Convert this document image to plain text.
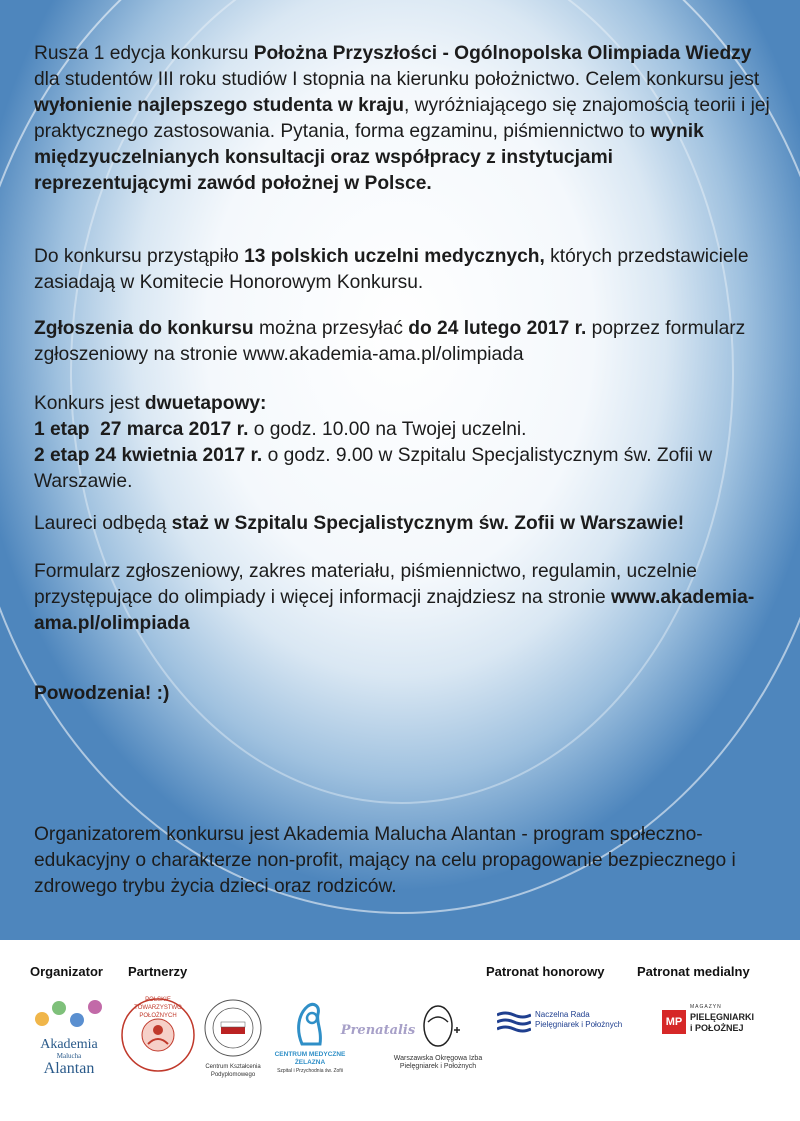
Rusza 1 edycja konkursu Położna Przyszłości - Ogólnopolska Olimpiada Wiedzy dla studentów III roku studiów I stopnia na kierunku położnictwo. Celem konkursu jest wyłonienie najlepszego studenta w kraju, wyróżniającego się znajomością teorii i jej praktycznego zastosowania. Pytania, forma egzaminu, piśmiennictwo to wynik międzyuczelnianych konsultacji oraz współpracy z instytucjami reprezentującymi zawód położnej w Polsce.

Do konkursu przystąpiło 13 polskich uczelni medycznych, których przedstawiciele zasiadają w Komitecie Honorowym Konkursu.

Zgłoszenia do konkursu można przesyłać do 24 lutego 2017 r. poprzez formularz zgłoszeniowy na stronie www.akademia-ama.pl/olimpiada

Konkurs jest dwuetapowy:
1 etap  27 marca 2017 r. o godz. 10.00 na Twojej uczelni.
2 etap 24 kwietnia 2017 r. o godz. 9.00 w Szpitalu Specjalistycznym św. Zofii w Warszawie.

Laureci odbędą staż w Szpitalu Specjalistycznym św. Zofii w Warszawie!

Formularz zgłoszeniowy, zakres materiału, piśmiennictwo, regulamin, uczelnie przystępujące do olimpiady i więcej informacji znajdziesz na stronie www.akademia-ama.pl/olimpiada

Powodzenia! :)

Organizatorem konkursu jest Akademia Malucha Alantan - program społeczno-edukacyjny o charakterze non-profit, mający na celu propagowanie bezpiecznego i zdrowego trybu życia dzieci oraz rodziców.

Organizator Partnerzy	Patronat honorowy	Patronat medialny
Akademia
Malucha
Alantan
POLSKIE TOWARZYSTWO POŁOŻNYCH
Centrum Kształcenia Podyplomowego
CENTRUM MEDYCZNE ŻELAZNA
Szpital i Przychodnia św. Zofii
Prenatalis
Warszawska Okręgowa Izba
Pielęgniarek i Położnych
Naczelna Rada
Pielęgniarek i Położnych	MP
MAGAZYN
PIELĘGNIARKI
i POŁOŻNEJ
